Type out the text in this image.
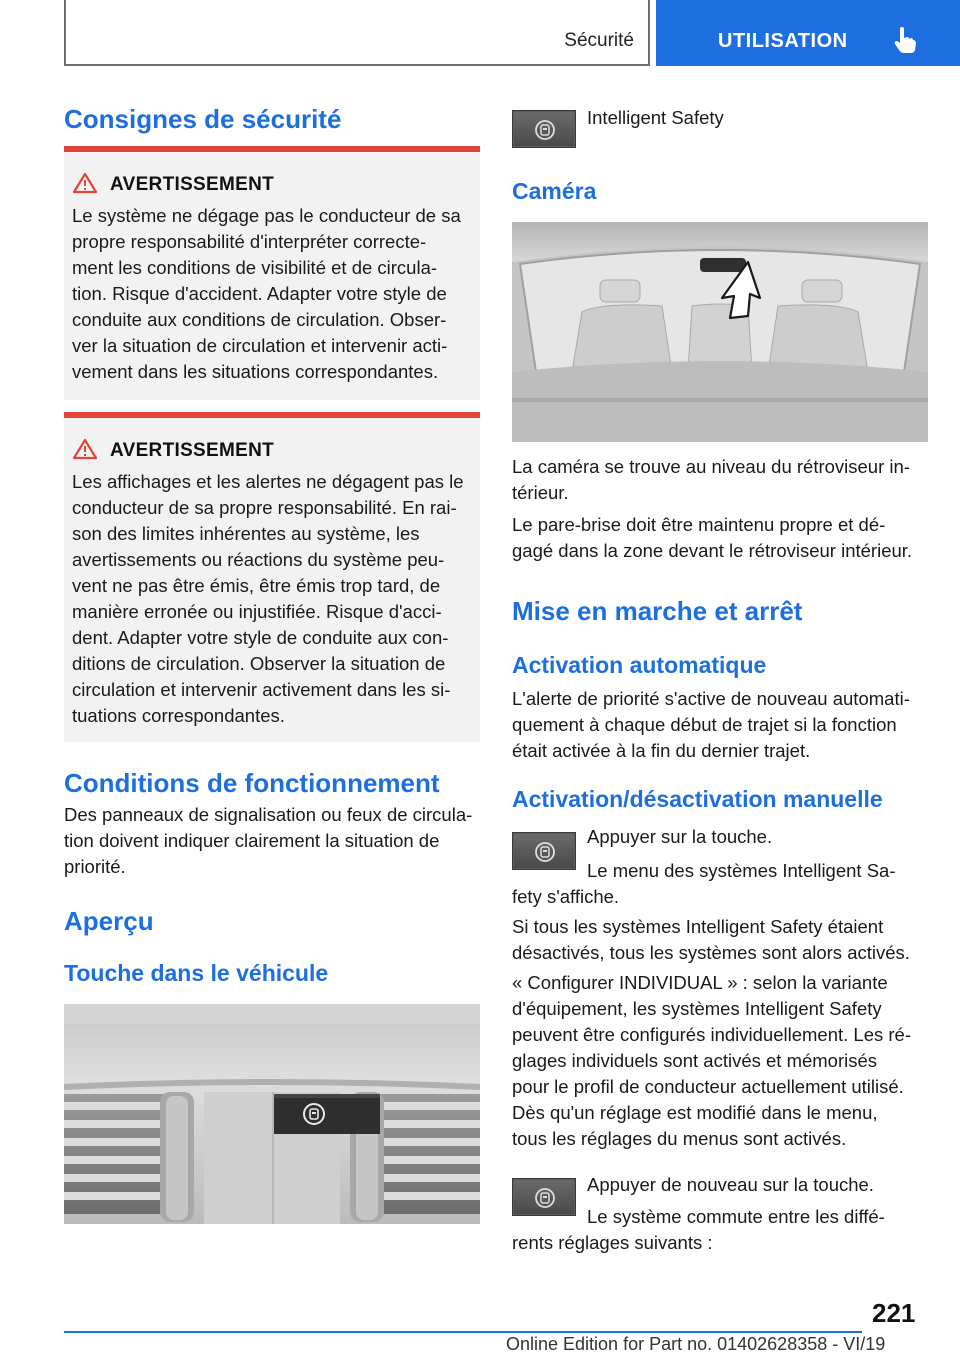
Sécurité	UTILISATION
Consignes de sécurité
AVERTISSEMENT
Le système ne dégage pas le conducteur de sa
propre responsabilité d'interpréter correcte‐
ment les conditions de visibilité et de circula‐
tion. Risque d'accident. Adapter votre style de
conduite aux conditions de circulation. Obser‐
ver la situation de circulation et intervenir acti‐
vement dans les situations correspondantes.
AVERTISSEMENT
Les affichages et les alertes ne dégagent pas le
conducteur de sa propre responsabilité. En rai‐
son des limites inhérentes au système, les
avertissements ou réactions du système peu‐
vent ne pas être émis, être émis trop tard, de
manière erronée ou injustifiée. Risque d'acci‐
dent. Adapter votre style de conduite aux con‐
ditions de circulation. Observer la situation de
circulation et intervenir activement dans les si‐
tuations correspondantes.
Conditions de fonctionnement
Des panneaux de signalisation ou feux de circula‐
tion doivent indiquer clairement la situation de
priorité.
Aperçu
Touche dans le véhicule
Intelligent Safety
Caméra
La caméra se trouve au niveau du rétroviseur in‐
térieur.
Le pare-brise doit être maintenu propre et dé‐
gagé dans la zone devant le rétroviseur intérieur.
Mise en marche et arrêt
Activation automatique
L'alerte de priorité s'active de nouveau automati‐
quement à chaque début de trajet si la fonction
était activée à la fin du dernier trajet.
Activation/désactivation manuelle
Appuyer sur la touche.
Le menu des systèmes Intelligent Sa‐
fety s'affiche.
Si tous les systèmes Intelligent Safety étaient
désactivés, tous les systèmes sont alors activés.
« Configurer INDIVIDUAL » : selon la variante
d'équipement, les systèmes Intelligent Safety
peuvent être configurés individuellement. Les ré‐
glages individuels sont activés et mémorisés
pour le profil de conducteur actuellement utilisé.
Dès qu'un réglage est modifié dans le menu,
tous les réglages du menus sont activés.
Appuyer de nouveau sur la touche.
Le système commute entre les diffé‐
rents réglages suivants :
221
Online Edition for Part no. 01402628358 - VI/19
